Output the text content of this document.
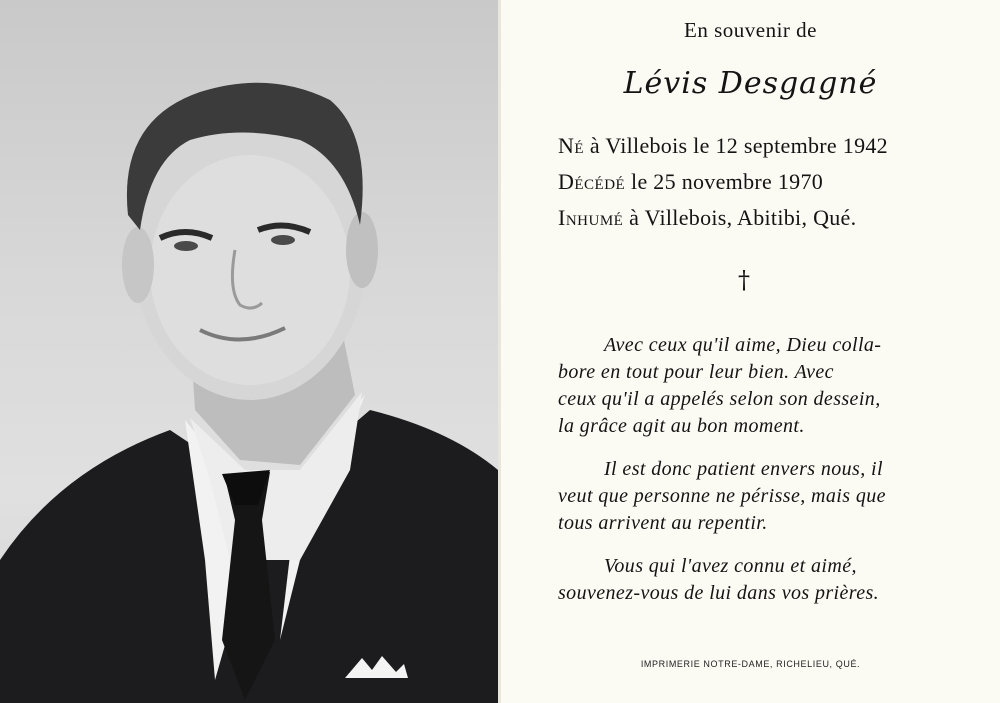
En souvenir de
Lévis Desgagné
Né à Villebois le 12 septembre 1942
Décédé le 25 novembre 1970
Inhumé à Villebois, Abitibi, Qué.
†
Avec ceux qu'il aime, Dieu colla-
bore en tout pour leur bien. Avec
ceux qu'il a appelés selon son dessein,
la grâce agit au bon moment.
Il est donc patient envers nous, il
veut que personne ne périsse, mais que
tous arrivent au repentir.
Vous qui l'avez connu et aimé,
souvenez-vous de lui dans vos prières.
IMPRIMERIE NOTRE-DAME, RICHELIEU, QUÉ.
